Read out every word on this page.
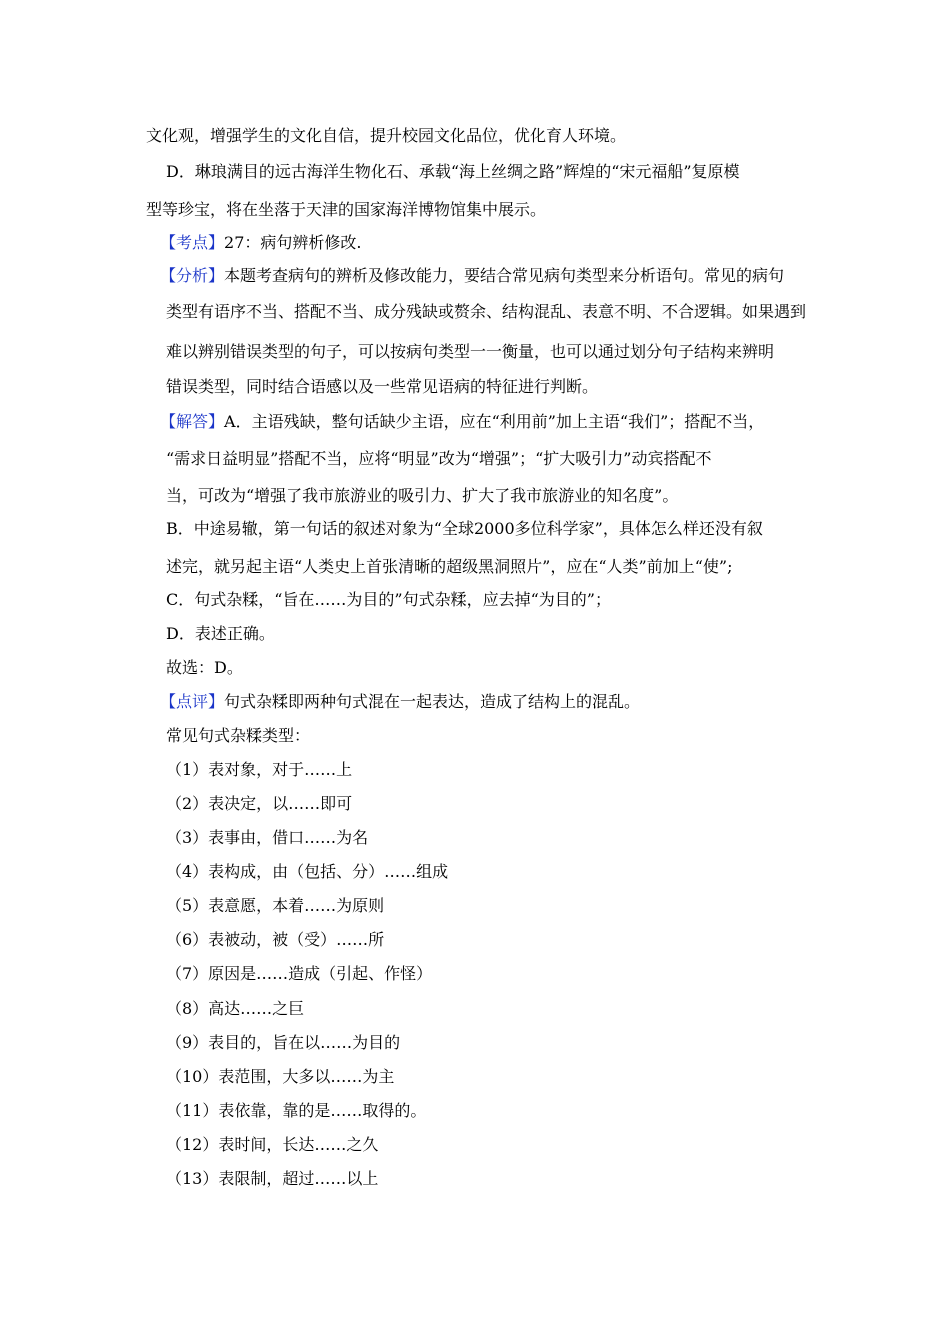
文化观，增强学生的文化自信，提升校园文化品位，优化育人环境。
D．琳琅满目的远古海洋生物化石、承载“海上丝绸之路”辉煌的“宋元福船”复原模
型等珍宝，将在坐落于天津的国家海洋博物馆集中展示。
【考点】27：病句辨析修改.
【分析】本题考查病句的辨析及修改能力，要结合常见病句类型来分析语句。常见的病句
类型有语序不当、搭配不当、成分残缺或赘余、结构混乱、表意不明、不合逻辑。如果遇到
难以辨别错误类型的句子，可以按病句类型一一衡量，也可以通过划分句子结构来辨明
错误类型，同时结合语感以及一些常见语病的特征进行判断。
【解答】A．主语残缺，整句话缺少主语，应在“利用前”加上主语“我们”；搭配不当，
“需求日益明显”搭配不当，应将“明显”改为“增强”；“扩大吸引力”动宾搭配不
当，可改为“增强了我市旅游业的吸引力、扩大了我市旅游业的知名度”。
B．中途易辙，第一句话的叙述对象为“全球2000多位科学家”，具体怎么样还没有叙
述完，就另起主语“人类史上首张清晰的超级黑洞照片”，应在“人类”前加上“使”;
C．句式杂糅，“旨在……为目的”句式杂糅，应去掉“为目的”；
D．表述正确。
故选：D。
【点评】句式杂糅即两种句式混在一起表达，造成了结构上的混乱。
常见句式杂糅类型：
（1）表对象，对于……上
（2）表决定，以……即可
（3）表事由，借口……为名
（4）表构成，由（包括、分）……组成
（5）表意愿，本着……为原则
（6）表被动，被（受）……所
（7）原因是……造成（引起、作怪）
（8）高达……之巨
（9）表目的，旨在以……为目的
（10）表范围，大多以……为主
（11）表依靠，靠的是……取得的。
（12）表时间，长达……之久
（13）表限制，超过……以上
